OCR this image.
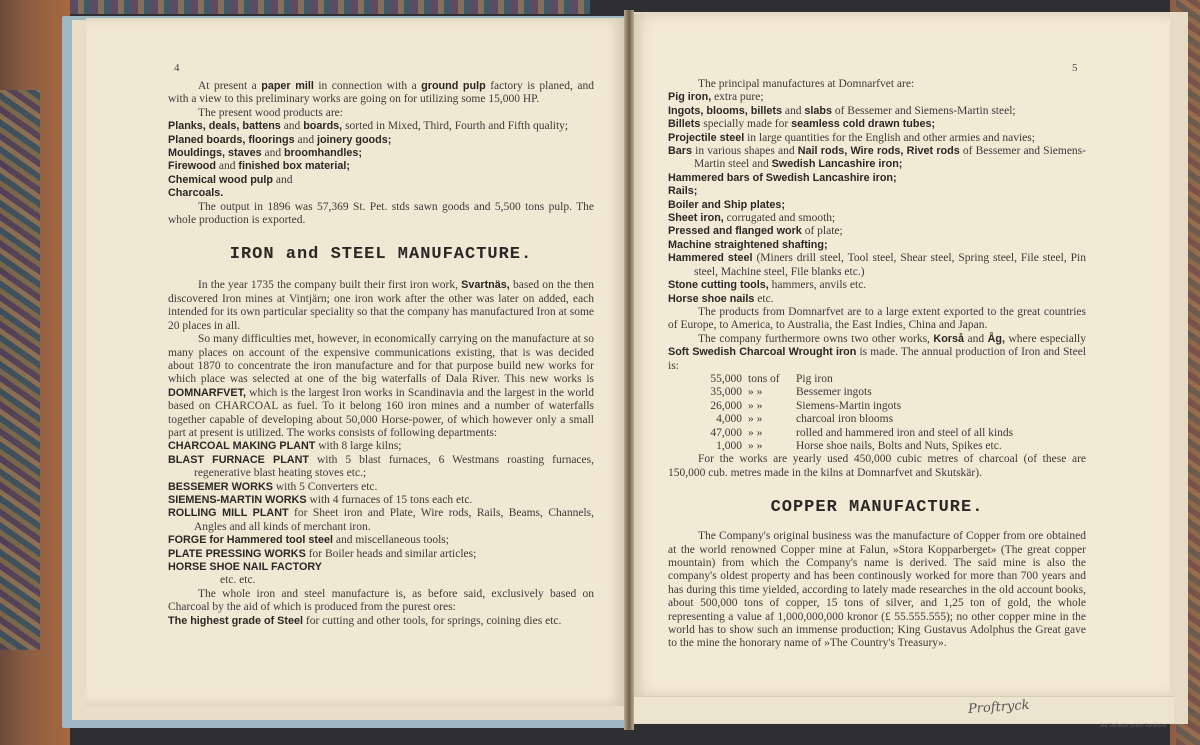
4	5

At present a paper mill in connection with a ground pulp factory is planed, and with a view to this preliminary works are going on for utilizing some 15,000 HP.

The present wood products are:

Planks, deals, battens and boards, sorted in Mixed, Third, Fourth and Fifth quality;

Planed boards, floorings and joinery goods;

Mouldings, staves and broomhandles;

Firewood and finished box material;

Chemical wood pulp and

Charcoals.

The output in 1896 was 57,369 St. Pet. stds sawn goods and 5,500 tons pulp. The whole production is exported.

IRON and STEEL MANUFACTURE.

In the year 1735 the company built their first iron work, Svartnäs, based on the then discovered Iron mines at Vintjärn; one iron work after the other was later on added, each intended for its own particular speciality so that the company has manufactured Iron at some 20 places in all.

So many difficulties met, however, in economically carrying on the manufacture at so many places on account of the expensive communications existing, that is was decided about 1870 to concentrate the iron manufacture and for that purpose build new works for which place was selected at one of the big waterfalls of Dala River. This new works is DOMNARFVET, which is the largest Iron works in Scandinavia and the largest in the world based on CHARCOAL as fuel. To it belong 160 iron mines and a number of waterfalls together capable of developing about 50,000 Horse-power, of which however only a small part at present is utilized. The works consists of following departments:

CHARCOAL MAKING PLANT with 8 large kilns;

BLAST FURNACE PLANT with 5 blast furnaces, 6 Westmans roasting furnaces, regenerative blast heating stoves etc.;

BESSEMER WORKS with 5 Converters etc.

SIEMENS-MARTIN WORKS with 4 furnaces of 15 tons each etc.

ROLLING MILL PLANT for Sheet iron and Plate, Wire rods, Rails, Beams, Channels, Angles and all kinds of merchant iron.

FORGE for Hammered tool steel and miscellaneous tools;

PLATE PRESSING WORKS for Boiler heads and similar articles;

HORSE SHOE NAIL FACTORY

etc. etc.

The whole iron and steel manufacture is, as before said, exclusively based on Charcoal by the aid of which is produced from the purest ores:

The highest grade of Steel for cutting and other tools, for springs, coining dies etc.

The principal manufactures at Domnarfvet are:

Pig iron, extra pure;

Ingots, blooms, billets and slabs of Bessemer and Siemens-Martin steel;

Billets specially made for seamless cold drawn tubes;

Projectile steel in large quantities for the English and other armies and navies;

Bars in various shapes and Nail rods, Wire rods, Rivet rods of Bessemer and Siemens-Martin steel and Swedish Lancashire iron;

Hammered bars of Swedish Lancashire iron;

Rails;

Boiler and Ship plates;

Sheet iron, corrugated and smooth;

Pressed and flanged work of plate;

Machine straightened shafting;

Hammered steel (Miners drill steel, Tool steel, Shear steel, Spring steel, File steel, Pin steel, Machine steel, File blanks etc.)

Stone cutting tools, hammers, anvils etc.

Horse shoe nails etc.

The products from Domnarfvet are to a large extent exported to the great countries of Europe, to America, to Australia, the East Indies, China and Japan.

The company furthermore owns two other works, Korså and Åg, where especially Soft Swedish Charcoal Wrought iron is made. The annual production of Iron and Steel is:

55,000	tons of	Pig iron
35,000	» »	Bessemer ingots
26,000	» »	Siemens-Martin ingots
4,000	» »	charcoal iron blooms
47,000	» »	rolled and hammered iron and steel of all kinds
1,000	» »	Horse shoe nails, Bolts and Nuts, Spikes etc.

For the works are yearly used 450,000 cubic metres of charcoal (of these are 150,000 cub. metres made in the kilns at Domnarfvet and Skutskär).

COPPER MANUFACTURE.

The Company's original business was the manufacture of Copper from ore obtained at the world renowned Copper mine at Falun, »Stora Kopparberget» (The great copper mountain) from which the Company's name is derived. The said mine is also the company's oldest property and has been continously worked for more than 700 years and has during this time yielded, according to lately made researches in the old account books, about 500,000 tons of copper, 15 tons of silver, and 1,25 ton of gold, the whole representing a value af 1,000,000,000 kronor (£ 55.555.555); no other copper mine in the world has to show such an immense production; King Gustavus Adolphus the Great gave to the mine the honorary name of »The Country's Treasury».

Proftryck
Joh. Bellander printer Stockholm
